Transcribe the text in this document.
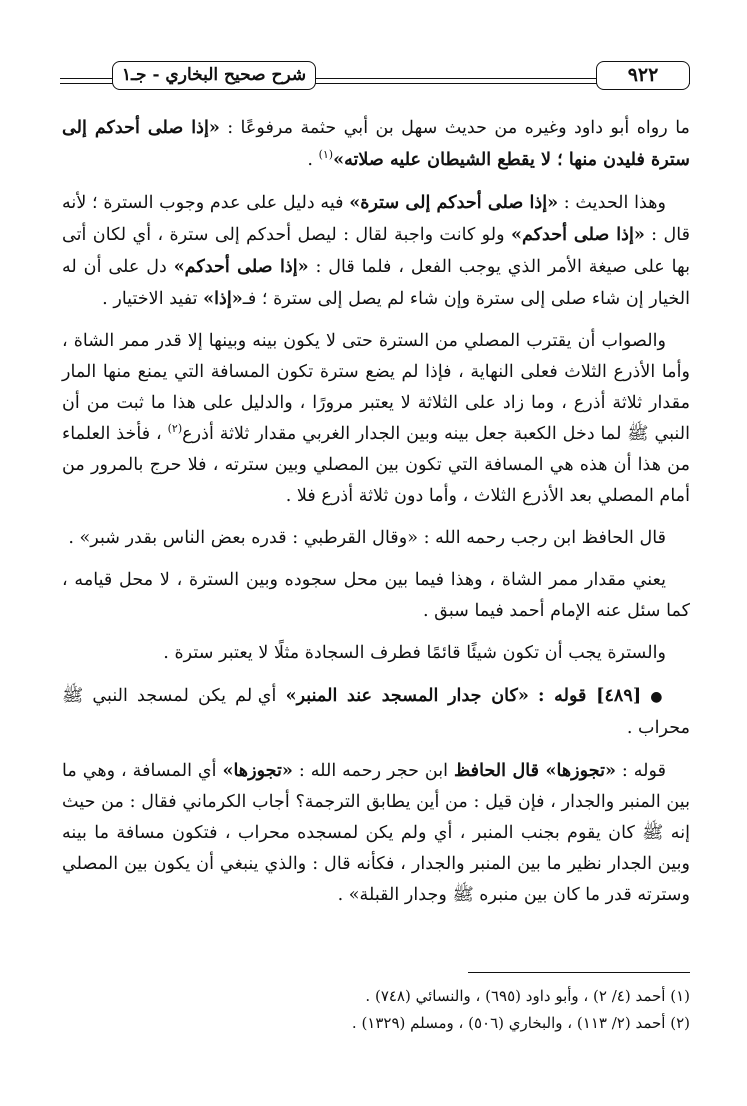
٩٢٢
شرح صحيح البخاري - جـ١

ما رواه أبو داود وغيره من حديث سهل بن أبي حثمة مرفوعًا : «إذا صلى أحدكم إلى سترة فليدن منها ؛ لا يقطع الشيطان عليه صلاته»$^{(١)}$ .

وهذا الحديث : «إذا صلى أحدكم إلى سترة» فيه دليل على عدم وجوب السترة ؛ لأنه قال : «إذا صلى أحدكم» ولو كانت واجبة لقال : ليصل أحدكم إلى سترة ، أي لكان أتى بها على صيغة الأمر الذي يوجب الفعل ، فلما قال : «إذا صلى أحدكم» دل على أن له الخيار إن شاء صلى إلى سترة وإن شاء لم يصل إلى سترة ؛ فـ«إذا» تفيد الاختيار .

والصواب أن يقترب المصلي من السترة حتى لا يكون بينه وبينها إلا قدر ممر الشاة ، وأما الأذرع الثلاث فعلى النهاية ، فإذا لم يضع سترة تكون المسافة التي يمنع منها المار مقدار ثلاثة أذرع ، وما زاد على الثلاثة لا يعتبر مرورًا ، والدليل على هذا ما ثبت من أن النبي ﷺ لما دخل الكعبة جعل بينه وبين الجدار الغربي مقدار ثلاثة أذرع$^{(٢)}$ ، فأخذ العلماء من هذا أن هذه هي المسافة التي تكون بين المصلي وبين سترته ، فلا حرج بالمرور من أمام المصلي بعد الأذرع الثلاث ، وأما دون ثلاثة أذرع فلا .

قال الحافظ ابن رجب رحمه الله : «وقال القرطبي : قدره بعض الناس بقدر شبر» .

يعني مقدار ممر الشاة ، وهذا فيما بين محل سجوده وبين السترة ، لا محل قيامه ، كما سئل عنه الإمام أحمد فيما سبق .

والسترة يجب أن تكون شيئًا قائمًا فطرف السجادة مثلًا لا يعتبر سترة .

● [٤٨٩] قوله : «كان جدار المسجد عند المنبر» أي لم يكن لمسجد النبي ﷺ محراب .

قوله : «تجوزها» قال الحافظ ابن حجر رحمه الله : «تجوزها» أي المسافة ، وهي ما بين المنبر والجدار ، فإن قيل : من أين يطابق الترجمة؟ أجاب الكرماني فقال : من حيث إنه ﷺ كان يقوم بجنب المنبر ، أي ولم يكن لمسجده محراب ، فتكون مسافة ما بينه وبين الجدار نظير ما بين المنبر والجدار ، فكأنه قال : والذي ينبغي أن يكون بين المصلي وسترته قدر ما كان بين منبره ﷺ وجدار القبلة» .

(١) أحمد (٤/ ٢) ، وأبو داود (٦٩٥) ، والنسائي (٧٤٨) .
(٢) أحمد (٢/ ١١٣) ، والبخاري (٥٠٦) ، ومسلم (١٣٢٩) .
